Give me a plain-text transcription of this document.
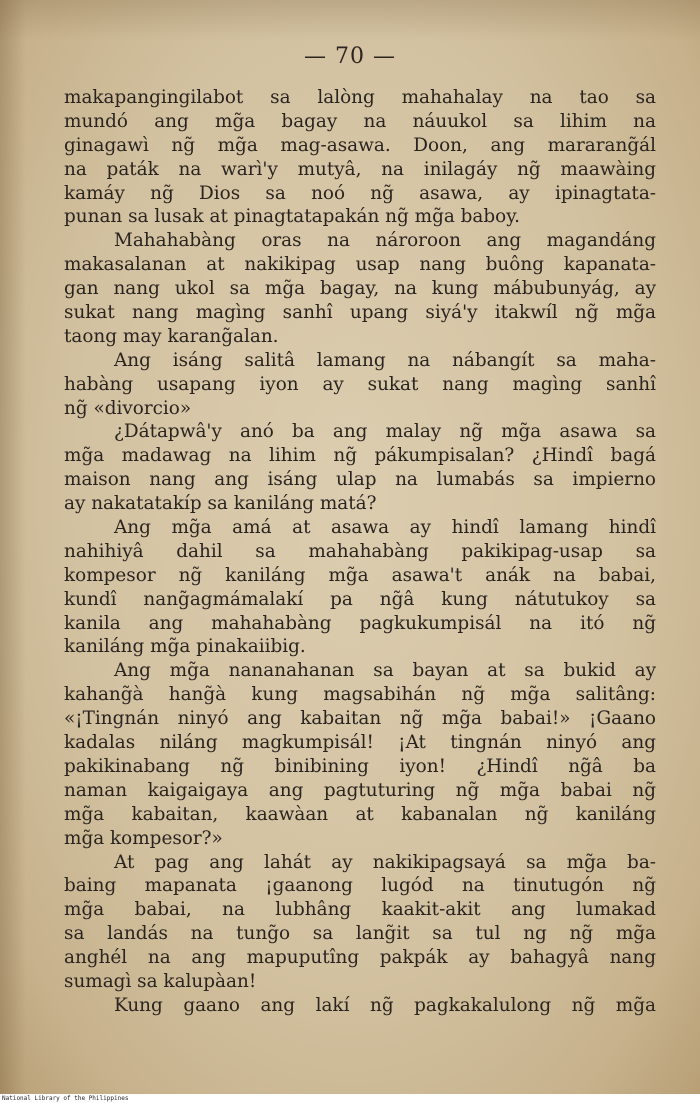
— 70 —
makapangingilabot sa lalòng mahahalay na tao sa
mundó ang mg̃a bagay na náuukol sa lihim na
ginagawì ng̃ mg̃a mag-asawa. Doon, ang mararang̃ál
na paták na warì'y mutyâ, na inilagáy ng̃ maawàing
kamáy ng̃ Dios sa noó ng̃ asawa, ay ipinagtata-
punan sa lusak at pinagtatapakán ng̃ mg̃a baboy.
Mahahabàng oras na nároroon ang magandáng
makasalanan at nakikipag usap nang buông kapanata-
gan nang ukol sa mg̃a bagay, na kung mábubunyág, ay
sukat nang magìng sanhî upang siyá'y itakwíl ng̃ mg̃a
taong may karang̃alan.
Ang isáng salitâ lamang na nábangít sa maha-
habàng usapang iyon ay sukat nang magìng sanhî
ng̃ «divorcio»
¿Dátapwâ'y anó ba ang malay ng̃ mg̃a asawa sa
mg̃a madawag na lihim ng̃ pákumpisalan? ¿Hindî bagá
maison nang ang isáng ulap na lumabás sa impierno
ay nakatatakíp sa kaniláng matá?
Ang mg̃a amá at asawa ay hindî lamang hindî
nahihiyâ dahil sa mahahabàng pakikipag-usap sa
kompesor ng̃ kaniláng mg̃a asawa't anák na babai,
kundî nang̃agmámalakí pa ng̃â kung nátutukoy sa
kanila ang mahahabàng pagkukumpisál na itó ng̃
kaniláng mg̃a pinakaiibig.
Ang mg̃a nananahanan sa bayan at sa bukid ay
kahang̃à hang̃à kung magsabihán ng̃ mg̃a salitâng:
«¡Tingnán ninyó ang kabaitan ng̃ mg̃a babai!» ¡Gaano
kadalas niláng magkumpisál! ¡At tingnán ninyó ang
pakikinabang ng̃ binibining iyon! ¿Hindî ng̃â ba
naman kaigaigaya ang pagtuturing ng̃ mg̃a babai ng̃
mg̃a kabaitan, kaawàan at kabanalan ng̃ kaniláng
mg̃a kompesor?»
At pag ang lahát ay nakikipagsayá sa mg̃a ba-
baing mapanata ¡gaanong lugód na tinutugón ng̃
mg̃a babai, na lubhâng kaakit-akit ang lumakad
sa landás na tung̃o sa lang̃it sa tul ng ng̃ mg̃a
anghél na ang mapuputîng pakpák ay bahagyâ nang
sumagì sa kalupàan!
Kung gaano ang lakí ng̃ pagkakalulong ng̃ mg̃a
National Library of the Philippines
